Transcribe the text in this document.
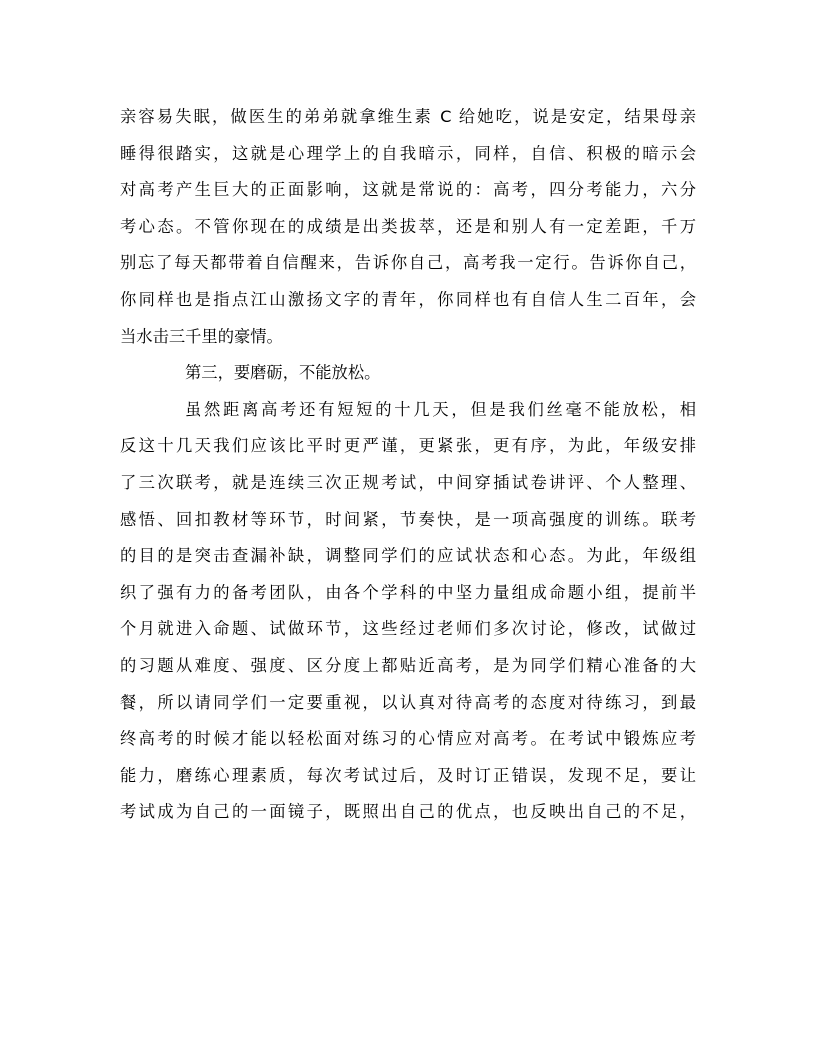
亲容易失眠，做医生的弟弟就拿维生素 C 给她吃，说是安定，结果母亲
睡得很踏实，这就是心理学上的自我暗示，同样，自信、积极的暗示会
对高考产生巨大的正面影响，这就是常说的：高考，四分考能力，六分
考心态。不管你现在的成绩是出类拔萃，还是和别人有一定差距，千万
别忘了每天都带着自信醒来，告诉你自己，高考我一定行。告诉你自己，
你同样也是指点江山激扬文字的青年，你同样也有自信人生二百年，会
当水击三千里的豪情。
第三，要磨砺，不能放松。
虽然距离高考还有短短的十几天，但是我们丝毫不能放松，相
反这十几天我们应该比平时更严谨，更紧张，更有序，为此，年级安排
了三次联考，就是连续三次正规考试，中间穿插试卷讲评、个人整理、
感悟、回扣教材等环节，时间紧，节奏快，是一项高强度的训练。联考
的目的是突击查漏补缺，调整同学们的应试状态和心态。为此，年级组
织了强有力的备考团队，由各个学科的中坚力量组成命题小组，提前半
个月就进入命题、试做环节，这些经过老师们多次讨论，修改，试做过
的习题从难度、强度、区分度上都贴近高考，是为同学们精心准备的大
餐，所以请同学们一定要重视，以认真对待高考的态度对待练习，到最
终高考的时候才能以轻松面对练习的心情应对高考。在考试中锻炼应考
能力，磨练心理素质，每次考试过后，及时订正错误，发现不足，要让
考试成为自己的一面镜子，既照出自己的优点，也反映出自己的不足，
